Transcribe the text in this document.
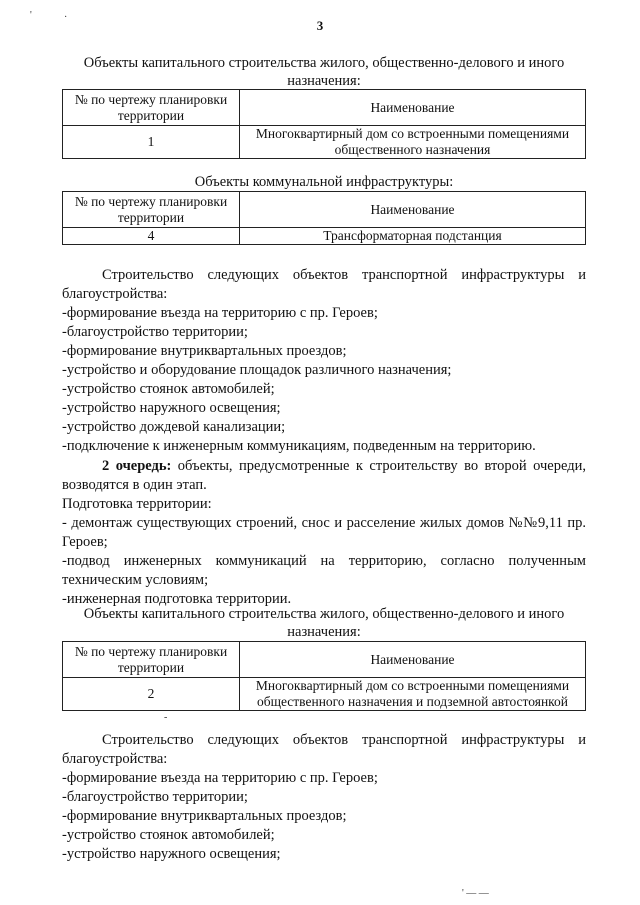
'	·
3
Объекты капитального строительства жилого, общественно-делового и иного
назначения:
№ по чертежу планировки территории	Наименование
1	Многоквартирный дом со встроенными помещениями общественного назначения
Объекты коммунальной инфраструктуры:
№ по чертежу планировки территории	Наименование
4	Трансформаторная подстанция

Строительство следующих объектов транспортной инфраструктуры и

благоустройства:

-формирование въезда на территорию с пр. Героев;

-благоустройство территории;

-формирование внутриквартальных проездов;

-устройство и оборудование площадок различного назначения;

-устройство стоянок автомобилей;

-устройство наружного освещения;

-устройство дождевой канализации;

-подключение к инженерным коммуникациям, подведенным на территорию.

2 очередь: объекты, предусмотренные к строительству во второй очереди,

возводятся в один этап.

Подготовка территории:

- демонтаж существующих строений, снос и расселение жилых домов №№9,11 пр.

Героев;

-подвод инженерных коммуникаций на территорию, согласно полученным

техническим условиям;

-инженерная подготовка территории.

Объекты капитального строительства жилого, общественно-делового и иного
назначения:
№ по чертежу планировки территории	Наименование
2	Многоквартирный дом со встроенными помещениями общественного назначения и подземной автостоянкой
-

Строительство следующих объектов транспортной инфраструктуры и

благоустройства:

-формирование въезда на территорию с пр. Героев;

-благоустройство территории;

-формирование внутриквартальных проездов;

-устройство стоянок автомобилей;

-устройство наружного освещения;

' — —
